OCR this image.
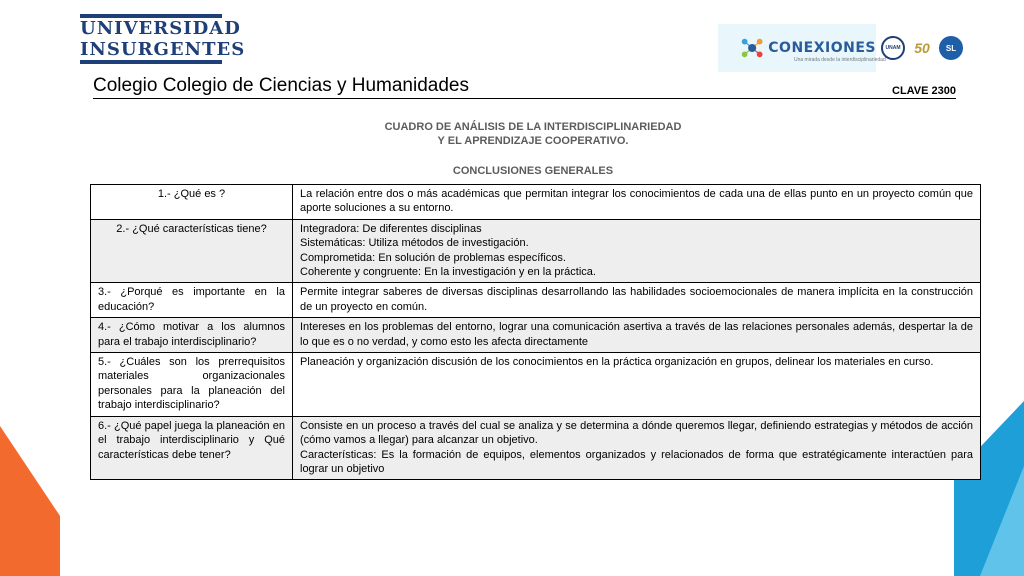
UNIVERSIDAD
INSURGENTES	CONEXIONES
Una mirada desde la interdisciplinariedad
UNAM 50	SL
Colegio Colegio de Ciencias y Humanidades	CLAVE 2300
CUADRO DE ANÁLISIS DE LA INTERDISCIPLINARIEDAD
Y EL APRENDIZAJE COOPERATIVO.
CONCLUSIONES GENERALES
1.- ¿Qué es ?	La relación entre dos o más académicas que permitan integrar los conocimientos de cada una de ellas punto en un proyecto común que aporte soluciones a su entorno.

2.- ¿Qué características tiene?	Integradora: De diferentes disciplinas
Sistemáticas: Utiliza métodos de investigación.
Comprometida: En solución de problemas específicos.
Coherente y congruente: En la investigación y en la práctica.

3.- ¿Porqué es importante en la educación?	Permite integrar saberes de diversas disciplinas desarrollando las habilidades socioemocionales de manera implícita en la construcción de un proyecto en común.

4.- ¿Cómo motivar a los alumnos para el trabajo interdisciplinario?	Intereses en los problemas del entorno, lograr una comunicación asertiva a través de las relaciones personales además, despertar la de lo que es o no verdad, y como esto les afecta directamente

5.- ¿Cuáles son los prerrequisitos materiales organizacionales personales para la planeación del trabajo interdisciplinario?	Planeación y organización discusión de los conocimientos en la práctica organización en grupos, delinear los materiales en curso.

6.- ¿Qué papel juega la planeación en el trabajo interdisciplinario y Qué características debe tener?	Consiste en un proceso a través del cual se analiza y se determina a dónde queremos llegar, definiendo estrategias y métodos de acción (cómo vamos a llegar) para alcanzar un objetivo.
Características: Es la formación de equipos, elementos organizados y relacionados de forma que estratégicamente interactúen para lograr un objetivo
